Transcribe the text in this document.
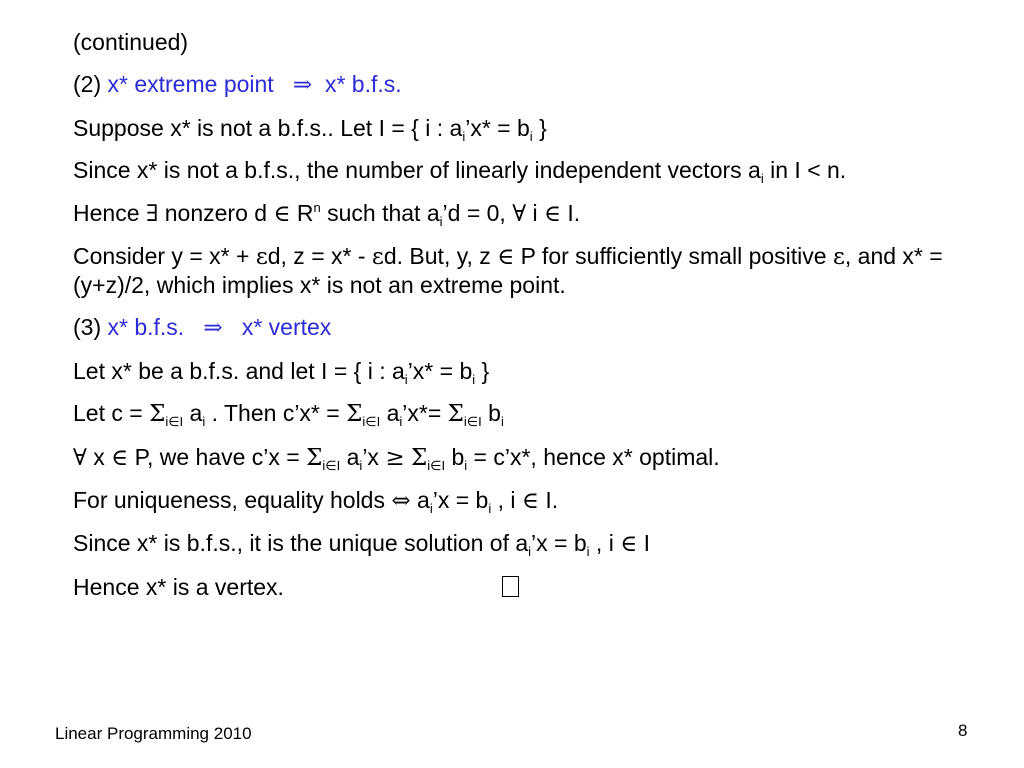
(continued)
(2) x* extreme point ⇒ x* b.f.s.
Suppose x* is not a b.f.s.. Let I = { i : $a_i’x* = b_i$ }
Since x* is not a b.f.s., the number of linearly independent vectors $a_i$ in I < n.
Hence ∃ nonzero d ∈ $R^n$ such that $a_i’d = 0$, ∀ i ∈ I.
Consider y = x* + εd, z = x* - εd. But, y, z ∈ P for sufficiently small positive ε, and x* = (y+z)/2, which implies x* is not an extreme point.
(3) x* b.f.s. ⇒ x* vertex
Let x* be a b.f.s. and let I = { i : $a_i’x* = b_i$ }
Let $c = \Sigma_{i\in I}$ $a_i$ . Then c’x* = $\Sigma_{i\in I}$ $a_i’x*= \Sigma_{i\in I}$ $b_i$
∀ x ∈ P, we have c’x = $\Sigma_{i\in I}$ $a_i’x \ge \Sigma_{i\in I}$ $b_i$ = c’x*, hence x* optimal.
For uniqueness, equality holds ⇔ $a_i’x = b_i$ , i ∈ I.
Since x* is b.f.s., it is the unique solution of $a_i’x = b_i$ , i ∈ I
Hence x* is a vertex.
Linear Programming 2010	8
